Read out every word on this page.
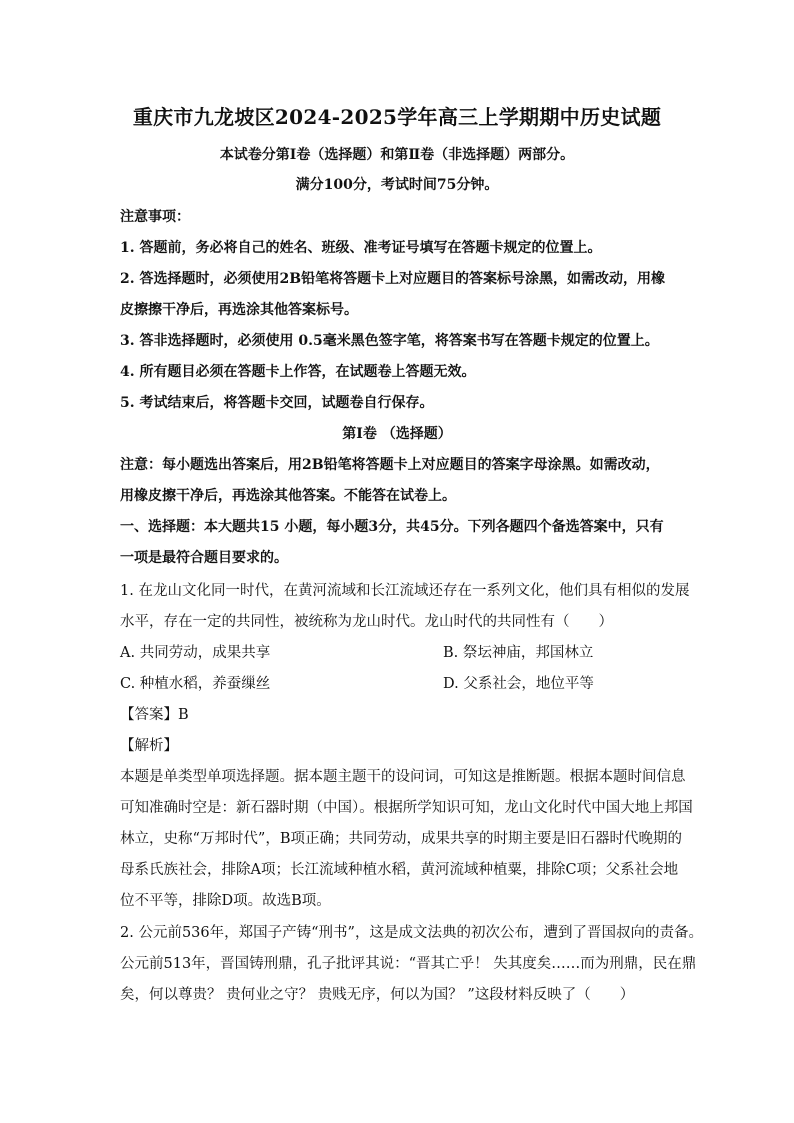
重庆市九龙坡区2024-2025学年高三上学期期中历史试题
本试卷分第Ⅰ卷（选择题）和第Ⅱ卷（非选择题）两部分。
满分100分，考试时间75分钟。
注意事项：
1. 答题前，务必将自己的姓名、班级、准考证号填写在答题卡规定的位置上。
2. 答选择题时，必须使用2B铅笔将答题卡上对应题目的答案标号涂黑，如需改动，用橡
皮擦擦干净后，再选涂其他答案标号。
3. 答非选择题时，必须使用 0.5毫米黑色签字笔，将答案书写在答题卡规定的位置上。
4. 所有题目必须在答题卡上作答，在试题卷上答题无效。
5. 考试结束后，将答题卡交回，试题卷自行保存。
第Ⅰ卷 （选择题）
注意：每小题选出答案后，用2B铅笔将答题卡上对应题目的答案字母涂黑。如需改动，
用橡皮擦干净后，再选涂其他答案。不能答在试卷上。
一、选择题：本大题共15 小题，每小题3分，共45分。下列各题四个备选答案中，只有
一项是最符合题目要求的。
1. 在龙山文化同一时代，在黄河流域和长江流域还存在一系列文化，他们具有相似的发展
水平，存在一定的共同性，被统称为龙山时代。龙山时代的共同性有（　　）
A. 共同劳动，成果共享	B. 祭坛神庙，邦国林立
C. 种植水稻，养蚕缫丝	D. 父系社会，地位平等
【答案】B
【解析】
本题是单类型单项选择题。据本题主题干的设问词，可知这是推断题。根据本题时间信息
可知准确时空是：新石器时期（中国）。根据所学知识可知，龙山文化时代中国大地上邦国
林立，史称“万邦时代”，B项正确；共同劳动，成果共享的时期主要是旧石器时代晚期的
母系氏族社会，排除A项；长江流域种植水稻，黄河流域种植粟，排除C项；父系社会地
位不平等，排除D项。故选B项。
2. 公元前536年，郑国子产铸“刑书”，这是成文法典的初次公布，遭到了晋国叔向的责备。
公元前513年，晋国铸刑鼎，孔子批评其说：“晋其亡乎！ 失其度矣……而为刑鼎，民在鼎
矣，何以尊贵？ 贵何业之守？ 贵贱无序，何以为国？ ”这段材料反映了（　　）
